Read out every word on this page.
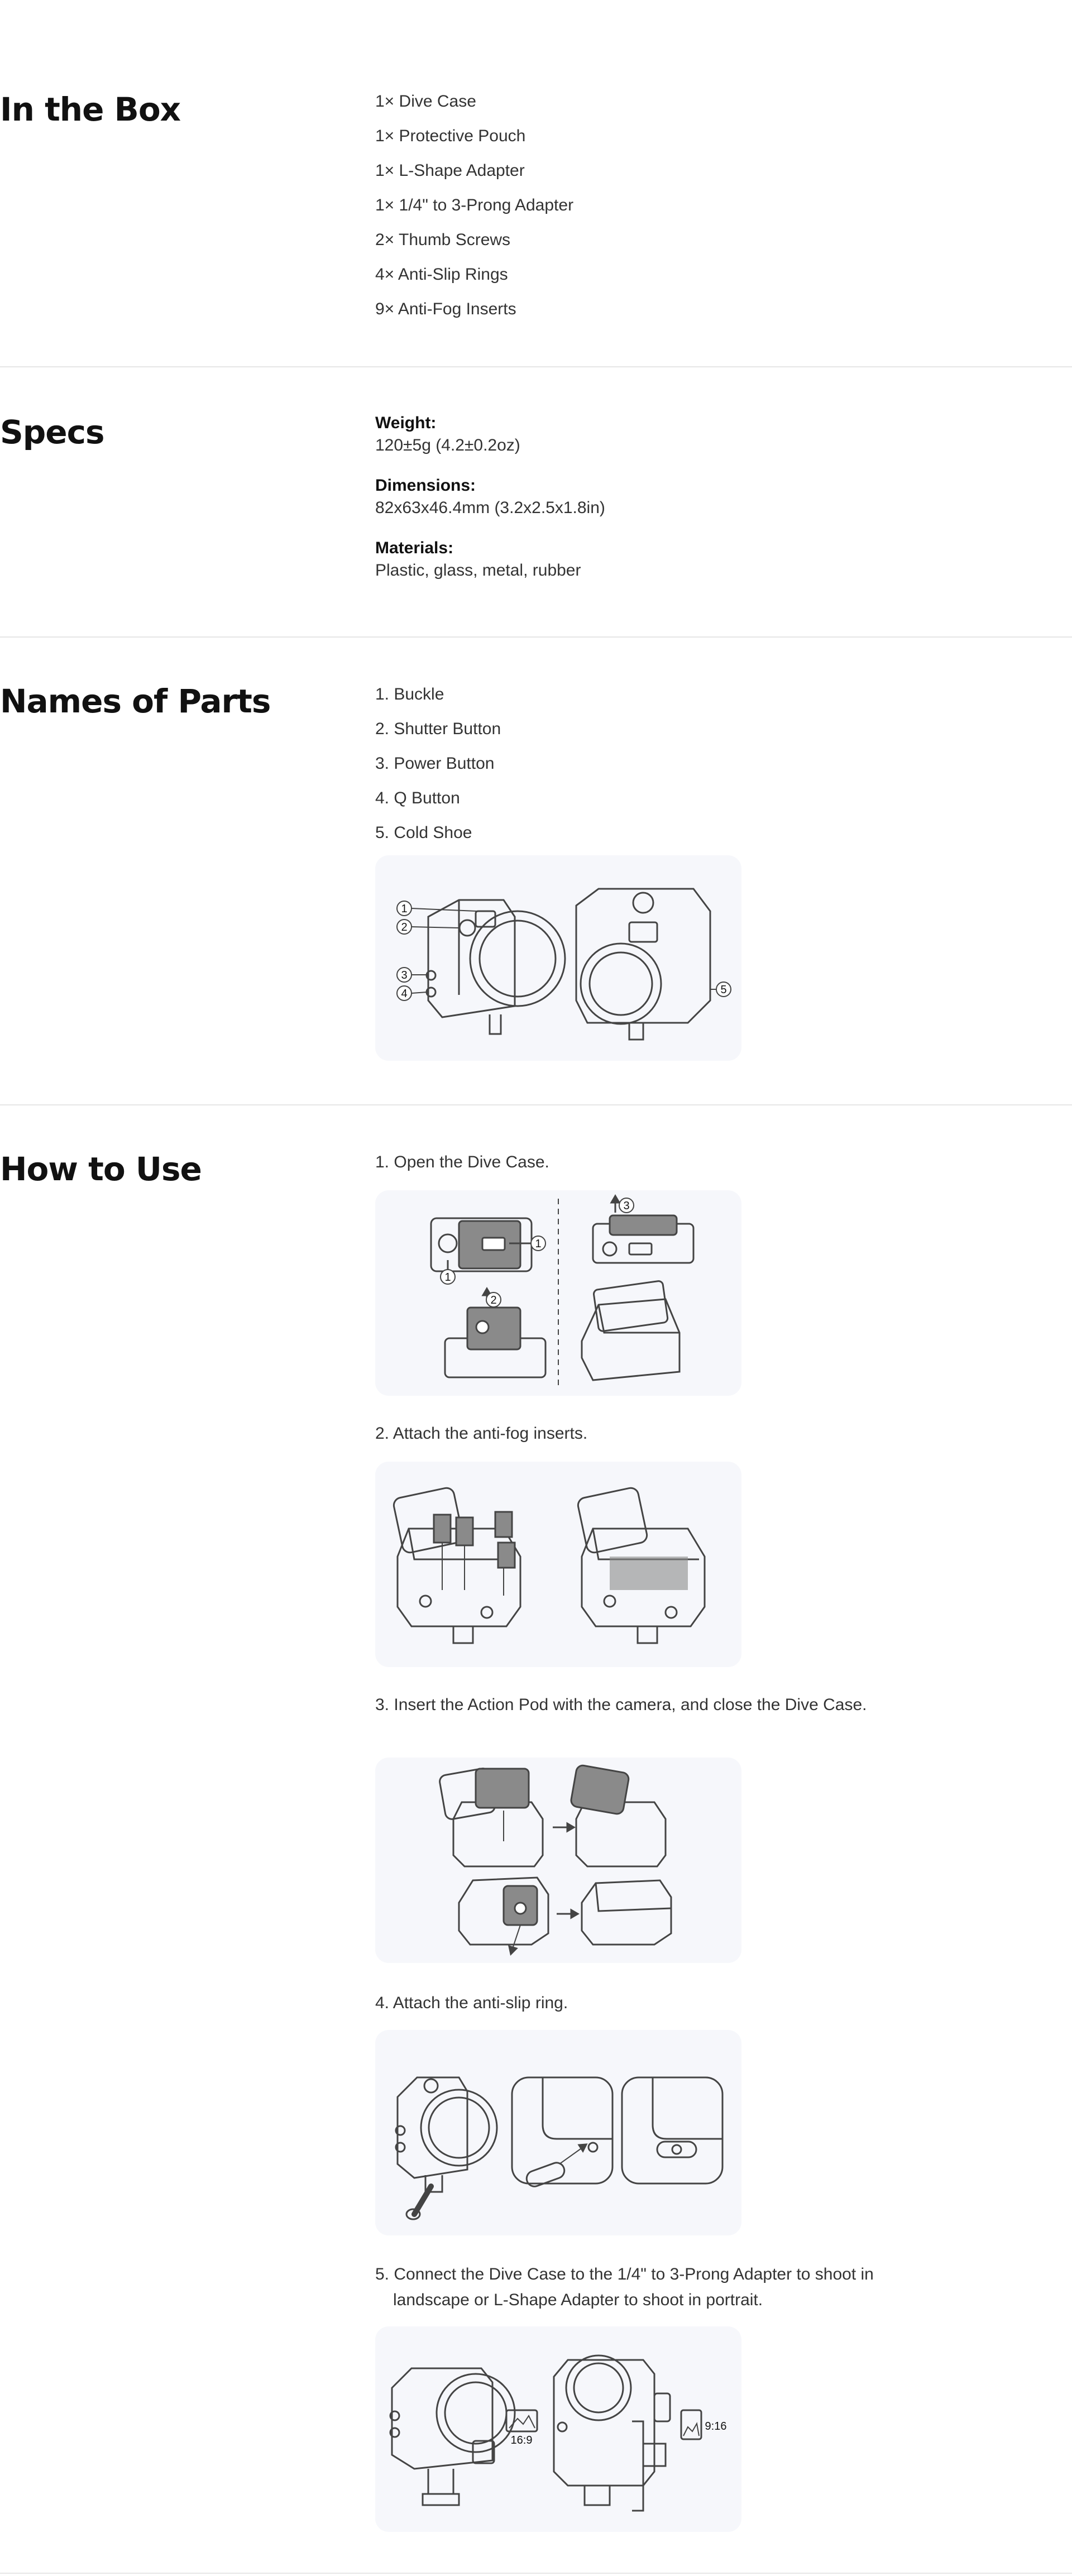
In the Box	1× Dive Case
1× Protective Pouch
1× L-Shape Adapter
1× 1/4" to 3-Prong Adapter
2× Thumb Screws
4× Anti-Slip Rings
9× Anti-Fog Inserts
Specs	Weight:
120±5g (4.2±0.2oz)
Dimensions:
82x63x46.4mm (3.2x2.5x1.8in)
Materials:
Plastic, glass, metal, rubber
Names of Parts	1. Buckle
2. Shutter Button
3. Power Button
4. Q Button
5. Cold Shoe
1
2
3
4	5
How to Use	1. Open the Dive Case.
1
1
2
3
2. Attach the anti-fog inserts.
3. Insert the Action Pod with the camera, and close the Dive Case.
4. Attach the anti-slip ring.
5. Connect the Dive Case to the 1/4" to 3-Prong Adapter to shoot in landscape or L-Shape Adapter to shoot in portrait.
16:9
9:16
